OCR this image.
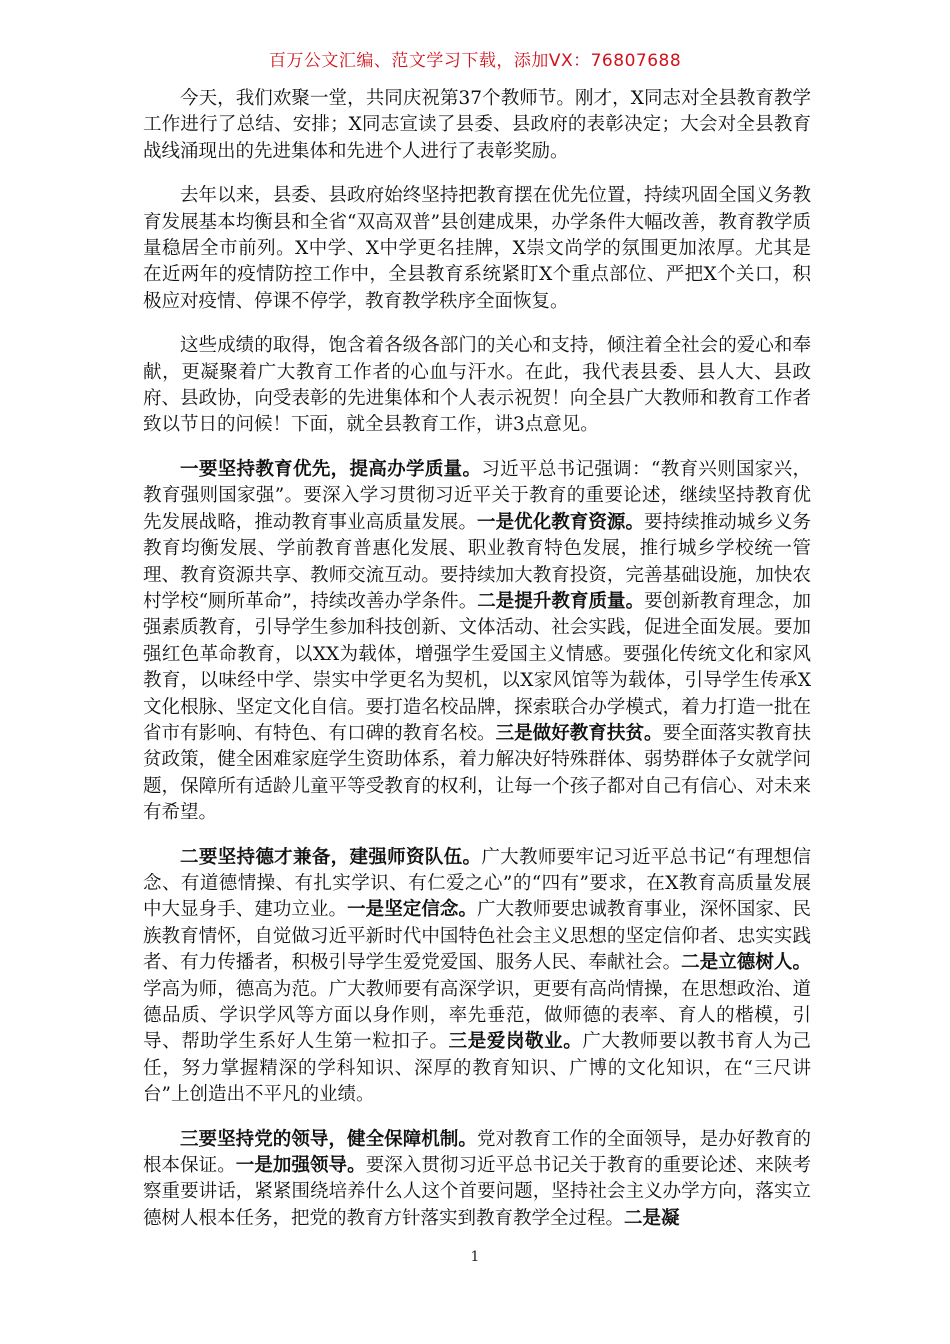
百万公文汇编、范文学习下载，添加VX：76807688

今天，我们欢聚一堂，共同庆祝第37个教师节。刚才，X同志对全县教育教学工作进行了总结、安排；X同志宣读了县委、县政府的表彰决定；大会对全县教育战线涌现出的先进集体和先进个人进行了表彰奖励。

去年以来，县委、县政府始终坚持把教育摆在优先位置，持续巩固全国义务教育发展基本均衡县和全省“双高双普”县创建成果，办学条件大幅改善，教育教学质量稳居全市前列。X中学、X中学更名挂牌，X崇文尚学的氛围更加浓厚。尤其是在近两年的疫情防控工作中，全县教育系统紧盯X个重点部位、严把X个关口，积极应对疫情、停课不停学，教育教学秩序全面恢复。

这些成绩的取得，饱含着各级各部门的关心和支持，倾注着全社会的爱心和奉献，更凝聚着广大教育工作者的心血与汗水。在此，我代表县委、县人大、县政府、县政协，向受表彰的先进集体和个人表示祝贺！向全县广大教师和教育工作者致以节日的问候！下面，就全县教育工作，讲3点意见。

一要坚持教育优先，提高办学质量。习近平总书记强调：“教育兴则国家兴，教育强则国家强”。要深入学习贯彻习近平关于教育的重要论述，继续坚持教育优先发展战略，推动教育事业高质量发展。一是优化教育资源。要持续推动城乡义务教育均衡发展、学前教育普惠化发展、职业教育特色发展，推行城乡学校统一管理、教育资源共享、教师交流互动。要持续加大教育投资，完善基础设施，加快农村学校“厕所革命”，持续改善办学条件。二是提升教育质量。要创新教育理念，加强素质教育，引导学生参加科技创新、文体活动、社会实践，促进全面发展。要加强红色革命教育，以XX为载体，增强学生爱国主义情感。要强化传统文化和家风教育，以味经中学、崇实中学更名为契机，以X家风馆等为载体，引导学生传承X文化根脉、坚定文化自信。要打造名校品牌，探索联合办学模式，着力打造一批在省市有影响、有特色、有口碑的教育名校。三是做好教育扶贫。要全面落实教育扶贫政策，健全困难家庭学生资助体系，着力解决好特殊群体、弱势群体子女就学问题，保障所有适龄儿童平等受教育的权利，让每一个孩子都对自己有信心、对未来有希望。

二要坚持德才兼备，建强师资队伍。广大教师要牢记习近平总书记“有理想信念、有道德情操、有扎实学识、有仁爱之心”的“四有”要求，在X教育高质量发展中大显身手、建功立业。一是坚定信念。广大教师要忠诚教育事业，深怀国家、民族教育情怀，自觉做习近平新时代中国特色社会主义思想的坚定信仰者、忠实实践者、有力传播者，积极引导学生爱党爱国、服务人民、奉献社会。二是立德树人。学高为师，德高为范。广大教师要有高深学识，更要有高尚情操，在思想政治、道德品质、学识学风等方面以身作则，率先垂范，做师德的表率、育人的楷模，引导、帮助学生系好人生第一粒扣子。三是爱岗敬业。广大教师要以教书育人为己任，努力掌握精深的学科知识、深厚的教育知识、广博的文化知识，在“三尺讲台”上创造出不平凡的业绩。

三要坚持党的领导，健全保障机制。党对教育工作的全面领导，是办好教育的根本保证。一是加强领导。要深入贯彻习近平总书记关于教育的重要论述、来陕考察重要讲话，紧紧围绕培养什么人这个首要问题，坚持社会主义办学方向，落实立德树人根本任务，把党的教育方针落实到教育教学全过程。二是凝

1
